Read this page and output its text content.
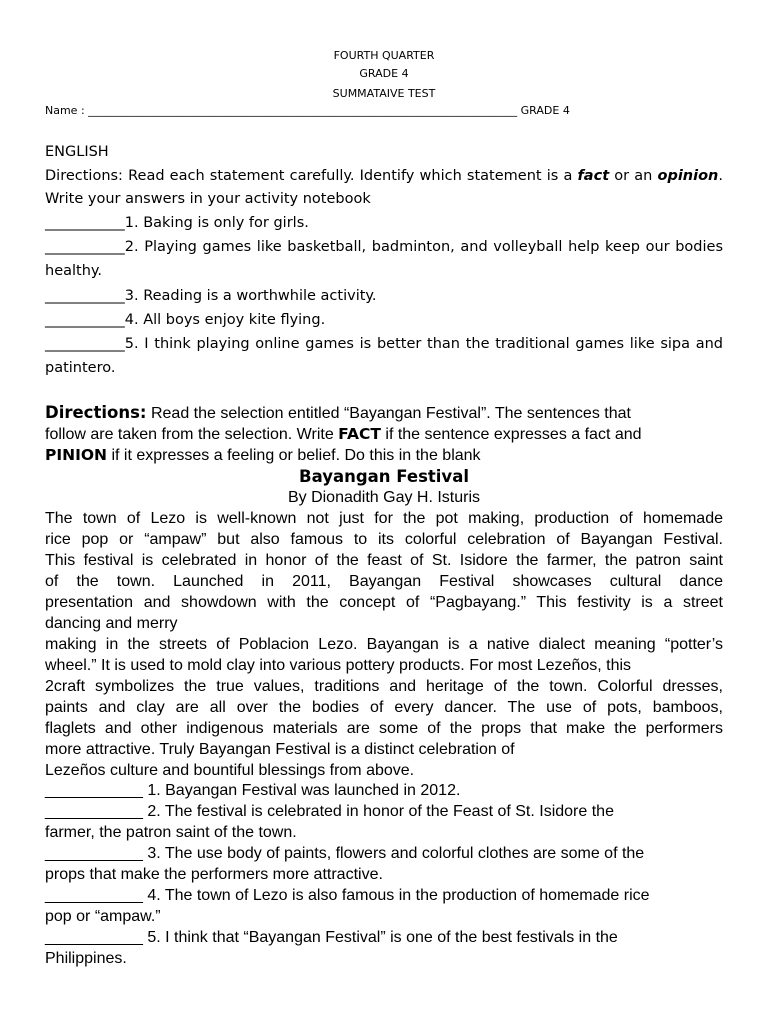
FOURTH QUARTER
GRADE 4
SUMMATAIVE TEST
Name : ______________________________________________________________________________ GRADE 4
ENGLISH
Directions: Read each statement carefully. Identify which statement is a fact or an opinion.
Write your answers in your activity notebook
___________1. Baking is only for girls.
___________2. Playing games like basketball, badminton, and volleyball help keep our bodies
healthy.
___________3. Reading is a worthwhile activity.
___________4. All boys enjoy kite flying.
___________5. I think playing online games is better than the traditional games like sipa and
patintero.
Directions: Read the selection entitled “Bayangan Festival”. The sentences that
follow are taken from the selection. Write FACT if the sentence expresses a fact and
PINION if it expresses a feeling or belief. Do this in the blank
Bayangan Festival
By Dionadith Gay H. Isturis
The town of Lezo is well-known not just for the pot making, production of homemade
rice pop or “ampaw” but also famous to its colorful celebration of Bayangan Festival.
This festival is celebrated in honor of the feast of St. Isidore the farmer, the patron saint
of the town. Launched in 2011, Bayangan Festival showcases cultural dance
presentation and showdown with the concept of “Pagbayang.” This festivity is a street
dancing and merry
making in the streets of Poblacion Lezo. Bayangan is a native dialect meaning “potter’s
wheel.” It is used to mold clay into various pottery products. For most Lezeños, this
2craft symbolizes the true values, traditions and heritage of the town. Colorful dresses,
paints and clay are all over the bodies of every dancer. The use of pots, bamboos,
flaglets and other indigenous materials are some of the props that make the performers
more attractive. Truly Bayangan Festival is a distinct celebration of
Lezeños culture and bountiful blessings from above.
___________ 1. Bayangan Festival was launched in 2012.
___________ 2. The festival is celebrated in honor of the Feast of St. Isidore the
farmer, the patron saint of the town.
___________ 3. The use body of paints, flowers and colorful clothes are some of the
props that make the performers more attractive.
___________ 4. The town of Lezo is also famous in the production of homemade rice
pop or “ampaw.”
___________ 5. I think that “Bayangan Festival” is one of the best festivals in the
Philippines.
